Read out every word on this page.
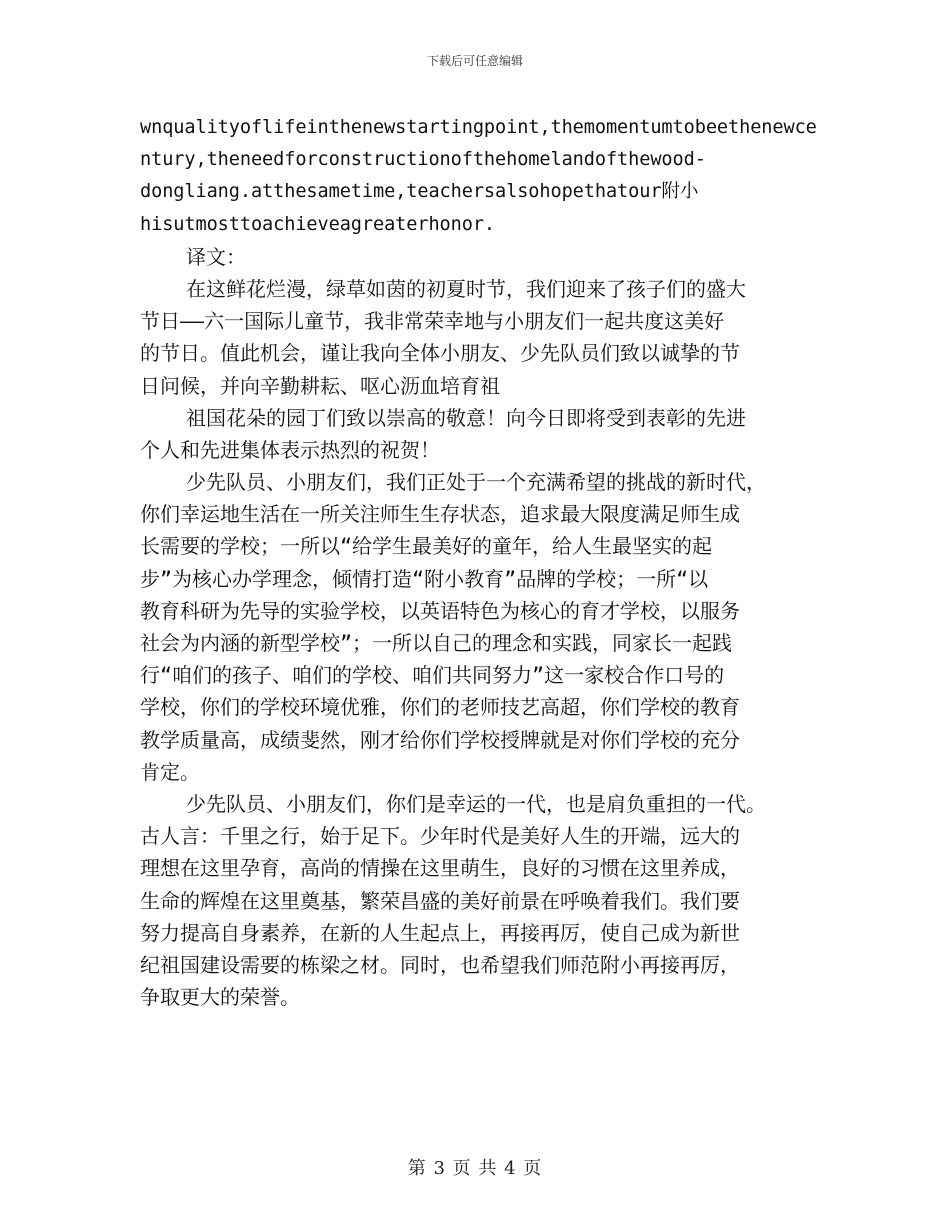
下载后可任意编辑
wnqualityoflifeinthenewstartingpoint,themomentumtobeethenewce
ntury,theneedforconstructionofthehomelandofthewood-
dongliang.atthesametime,teachersalsohopethatour附小
hisutmosttoachieveagreaterhonor.
译文：
在这鲜花烂漫，绿草如茵的初夏时节，我们迎来了孩子们的盛大
节日——六一国际儿童节，我非常荣幸地与小朋友们一起共度这美好
的节日。值此机会，谨让我向全体小朋友、少先队员们致以诚挚的节
日问候，并向辛勤耕耘、呕心沥血培育祖
祖国花朵的园丁们致以崇高的敬意！向今日即将受到表彰的先进
个人和先进集体表示热烈的祝贺！
少先队员、小朋友们，我们正处于一个充满希望的挑战的新时代，
你们幸运地生活在一所关注师生生存状态，追求最大限度满足师生成
长需要的学校；一所以“给学生最美好的童年，给人生最坚实的起
步”为核心办学理念，倾情打造“附小教育”品牌的学校；一所“以
教育科研为先导的实验学校，以英语特色为核心的育才学校，以服务
社会为内涵的新型学校”；一所以自己的理念和实践，同家长一起践
行“咱们的孩子、咱们的学校、咱们共同努力”这一家校合作口号的
学校，你们的学校环境优雅，你们的老师技艺高超，你们学校的教育
教学质量高，成绩斐然，刚才给你们学校授牌就是对你们学校的充分
肯定。
少先队员、小朋友们，你们是幸运的一代，也是肩负重担的一代。
古人言：千里之行，始于足下。少年时代是美好人生的开端，远大的
理想在这里孕育，高尚的情操在这里萌生，良好的习惯在这里养成，
生命的辉煌在这里奠基，繁荣昌盛的美好前景在呼唤着我们。我们要
努力提高自身素养，在新的人生起点上，再接再厉，使自己成为新世
纪祖国建设需要的栋梁之材。同时，也希望我们师范附小再接再厉，
争取更大的荣誉。
第 3 页 共 4 页
